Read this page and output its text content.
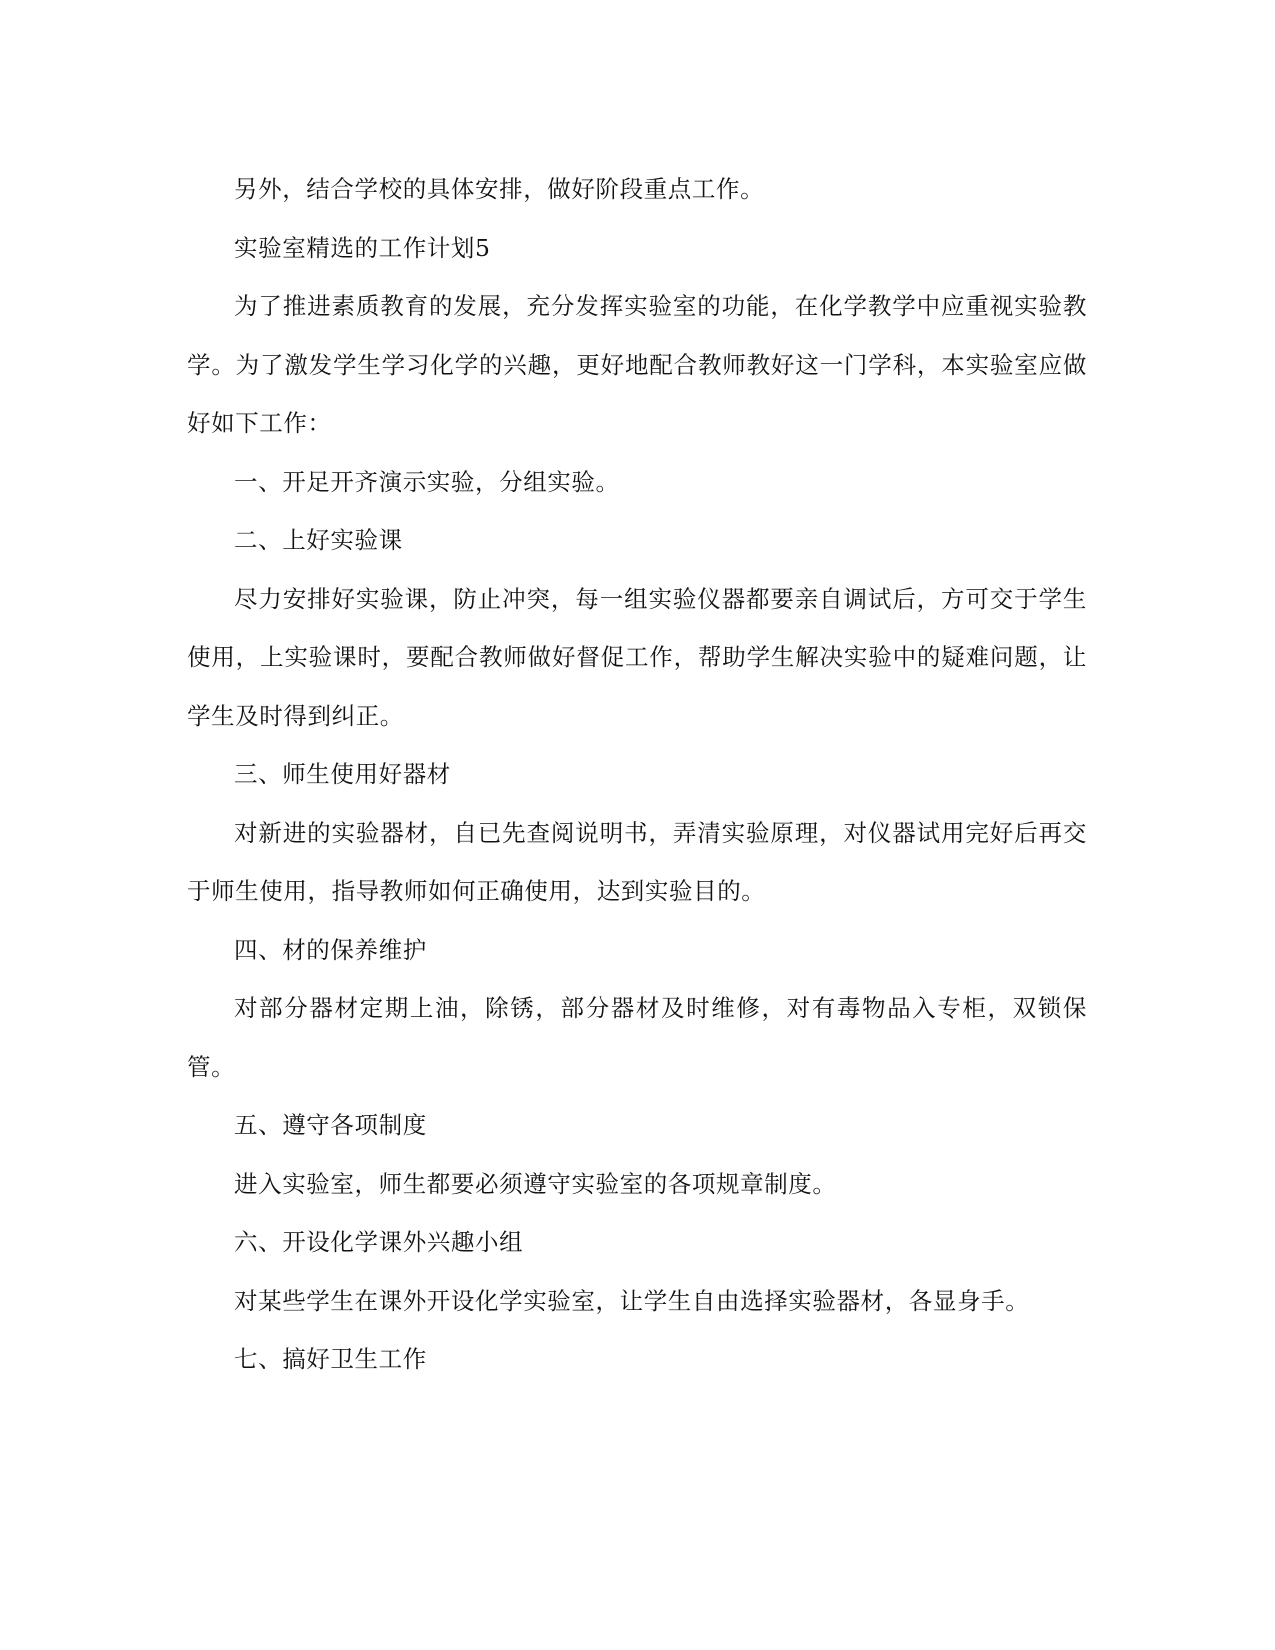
另外，结合学校的具体安排，做好阶段重点工作。

实验室精选的工作计划5

为了推进素质教育的发展，充分发挥实验室的功能，在化学教学中应重视实验教学。为了激发学生学习化学的兴趣，更好地配合教师教好这一门学科，本实验室应做好如下工作：

一、开足开齐演示实验，分组实验。

二、上好实验课

尽力安排好实验课，防止冲突，每一组实验仪器都要亲自调试后，方可交于学生使用，上实验课时，要配合教师做好督促工作，帮助学生解决实验中的疑难问题，让学生及时得到纠正。

三、师生使用好器材

对新进的实验器材，自已先查阅说明书，弄清实验原理，对仪器试用完好后再交于师生使用，指导教师如何正确使用，达到实验目的。

四、材的保养维护

对部分器材定期上油，除锈，部分器材及时维修，对有毒物品入专柜，双锁保管。

五、遵守各项制度

进入实验室，师生都要必须遵守实验室的各项规章制度。

六、开设化学课外兴趣小组

对某些学生在课外开设化学实验室，让学生自由选择实验器材，各显身手。

七、搞好卫生工作
